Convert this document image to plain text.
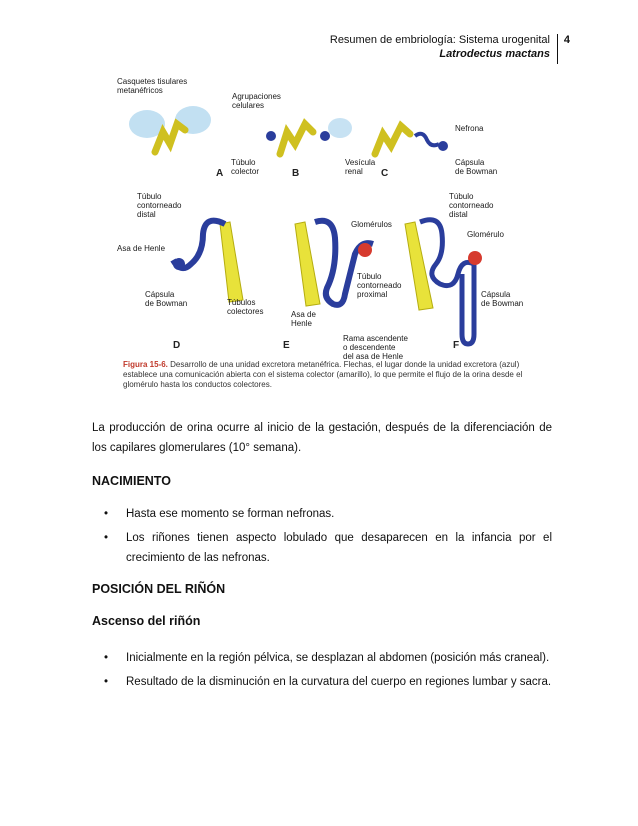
Resumen de embriología: Sistema urogenital
Latrodectus mactans
4
Casquetes tisulares
metanéfricos
Agrupaciones
celulares
Nefrona
Túbulo
colector
Vesícula
renal
Cápsula
de Bowman
Túbulo
contorneado
distal
Asa de Henle
Cápsula
de Bowman	Túbulos
colectores
Glomérulos
Túbulo
contorneado
proximal
Asa de
Henle
Túbulo
contorneado
distal
Glomérulo
Cápsula
de Bowman
Rama ascendente
o descendente
del asa de Henle
A	B	C
D	E	F
Figura 15-6. Desarrollo de una unidad excretora metanéfrica. Flechas, el lugar donde la unidad excretora (azul) establece una comunicación abierta con el sistema colector (amarillo), lo que permite el flujo de la orina desde el glomérulo hasta los conductos colectores.
La producción de orina ocurre al inicio de la gestación, después de la diferenciación de los capilares glomerulares (10° semana).
NACIMIENTO
• Hasta ese momento se forman nefronas.
• Los riñones tienen aspecto lobulado que desaparecen en la infancia por el crecimiento de las nefronas.
POSICIÓN DEL RIÑÓN
Ascenso del riñón
• Inicialmente en la región pélvica, se desplazan al abdomen (posición más craneal).
• Resultado de la disminución en la curvatura del cuerpo en regiones lumbar y sacra.
